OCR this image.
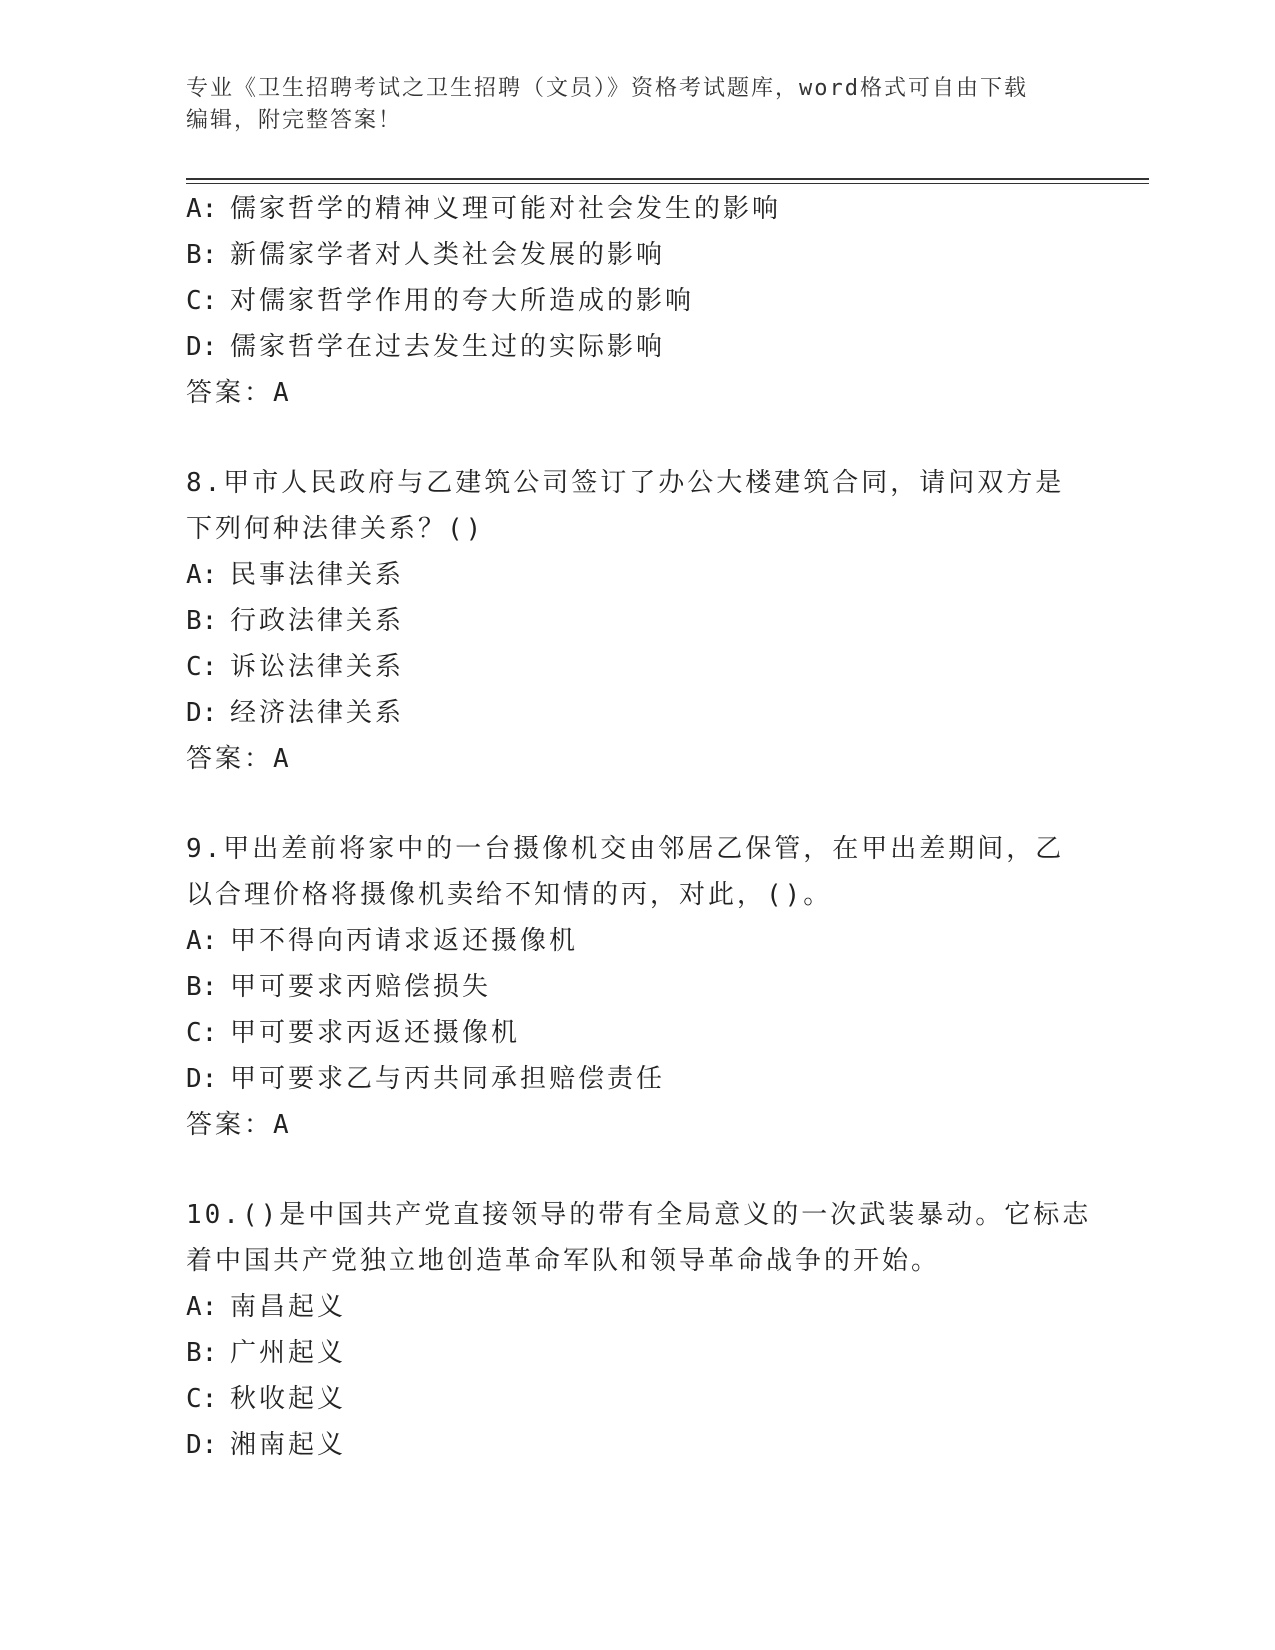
专业《卫生招聘考试之卫生招聘（文员）》资格考试题库，word格式可自由下载
编辑，附完整答案！
A: 儒家哲学的精神义理可能对社会发生的影响
B: 新儒家学者对人类社会发展的影响
C: 对儒家哲学作用的夸大所造成的影响
D: 儒家哲学在过去发生过的实际影响
答案：A
8.甲市人民政府与乙建筑公司签订了办公大楼建筑合同，请问双方是
下列何种法律关系？()
A: 民事法律关系
B: 行政法律关系
C: 诉讼法律关系
D: 经济法律关系
答案：A
9.甲出差前将家中的一台摄像机交由邻居乙保管，在甲出差期间，乙
以合理价格将摄像机卖给不知情的丙，对此，()。
A: 甲不得向丙请求返还摄像机
B: 甲可要求丙赔偿损失
C: 甲可要求丙返还摄像机
D: 甲可要求乙与丙共同承担赔偿责任
答案：A
10.()是中国共产党直接领导的带有全局意义的一次武装暴动。它标志
着中国共产党独立地创造革命军队和领导革命战争的开始。
A: 南昌起义
B: 广州起义
C: 秋收起义
D: 湘南起义
